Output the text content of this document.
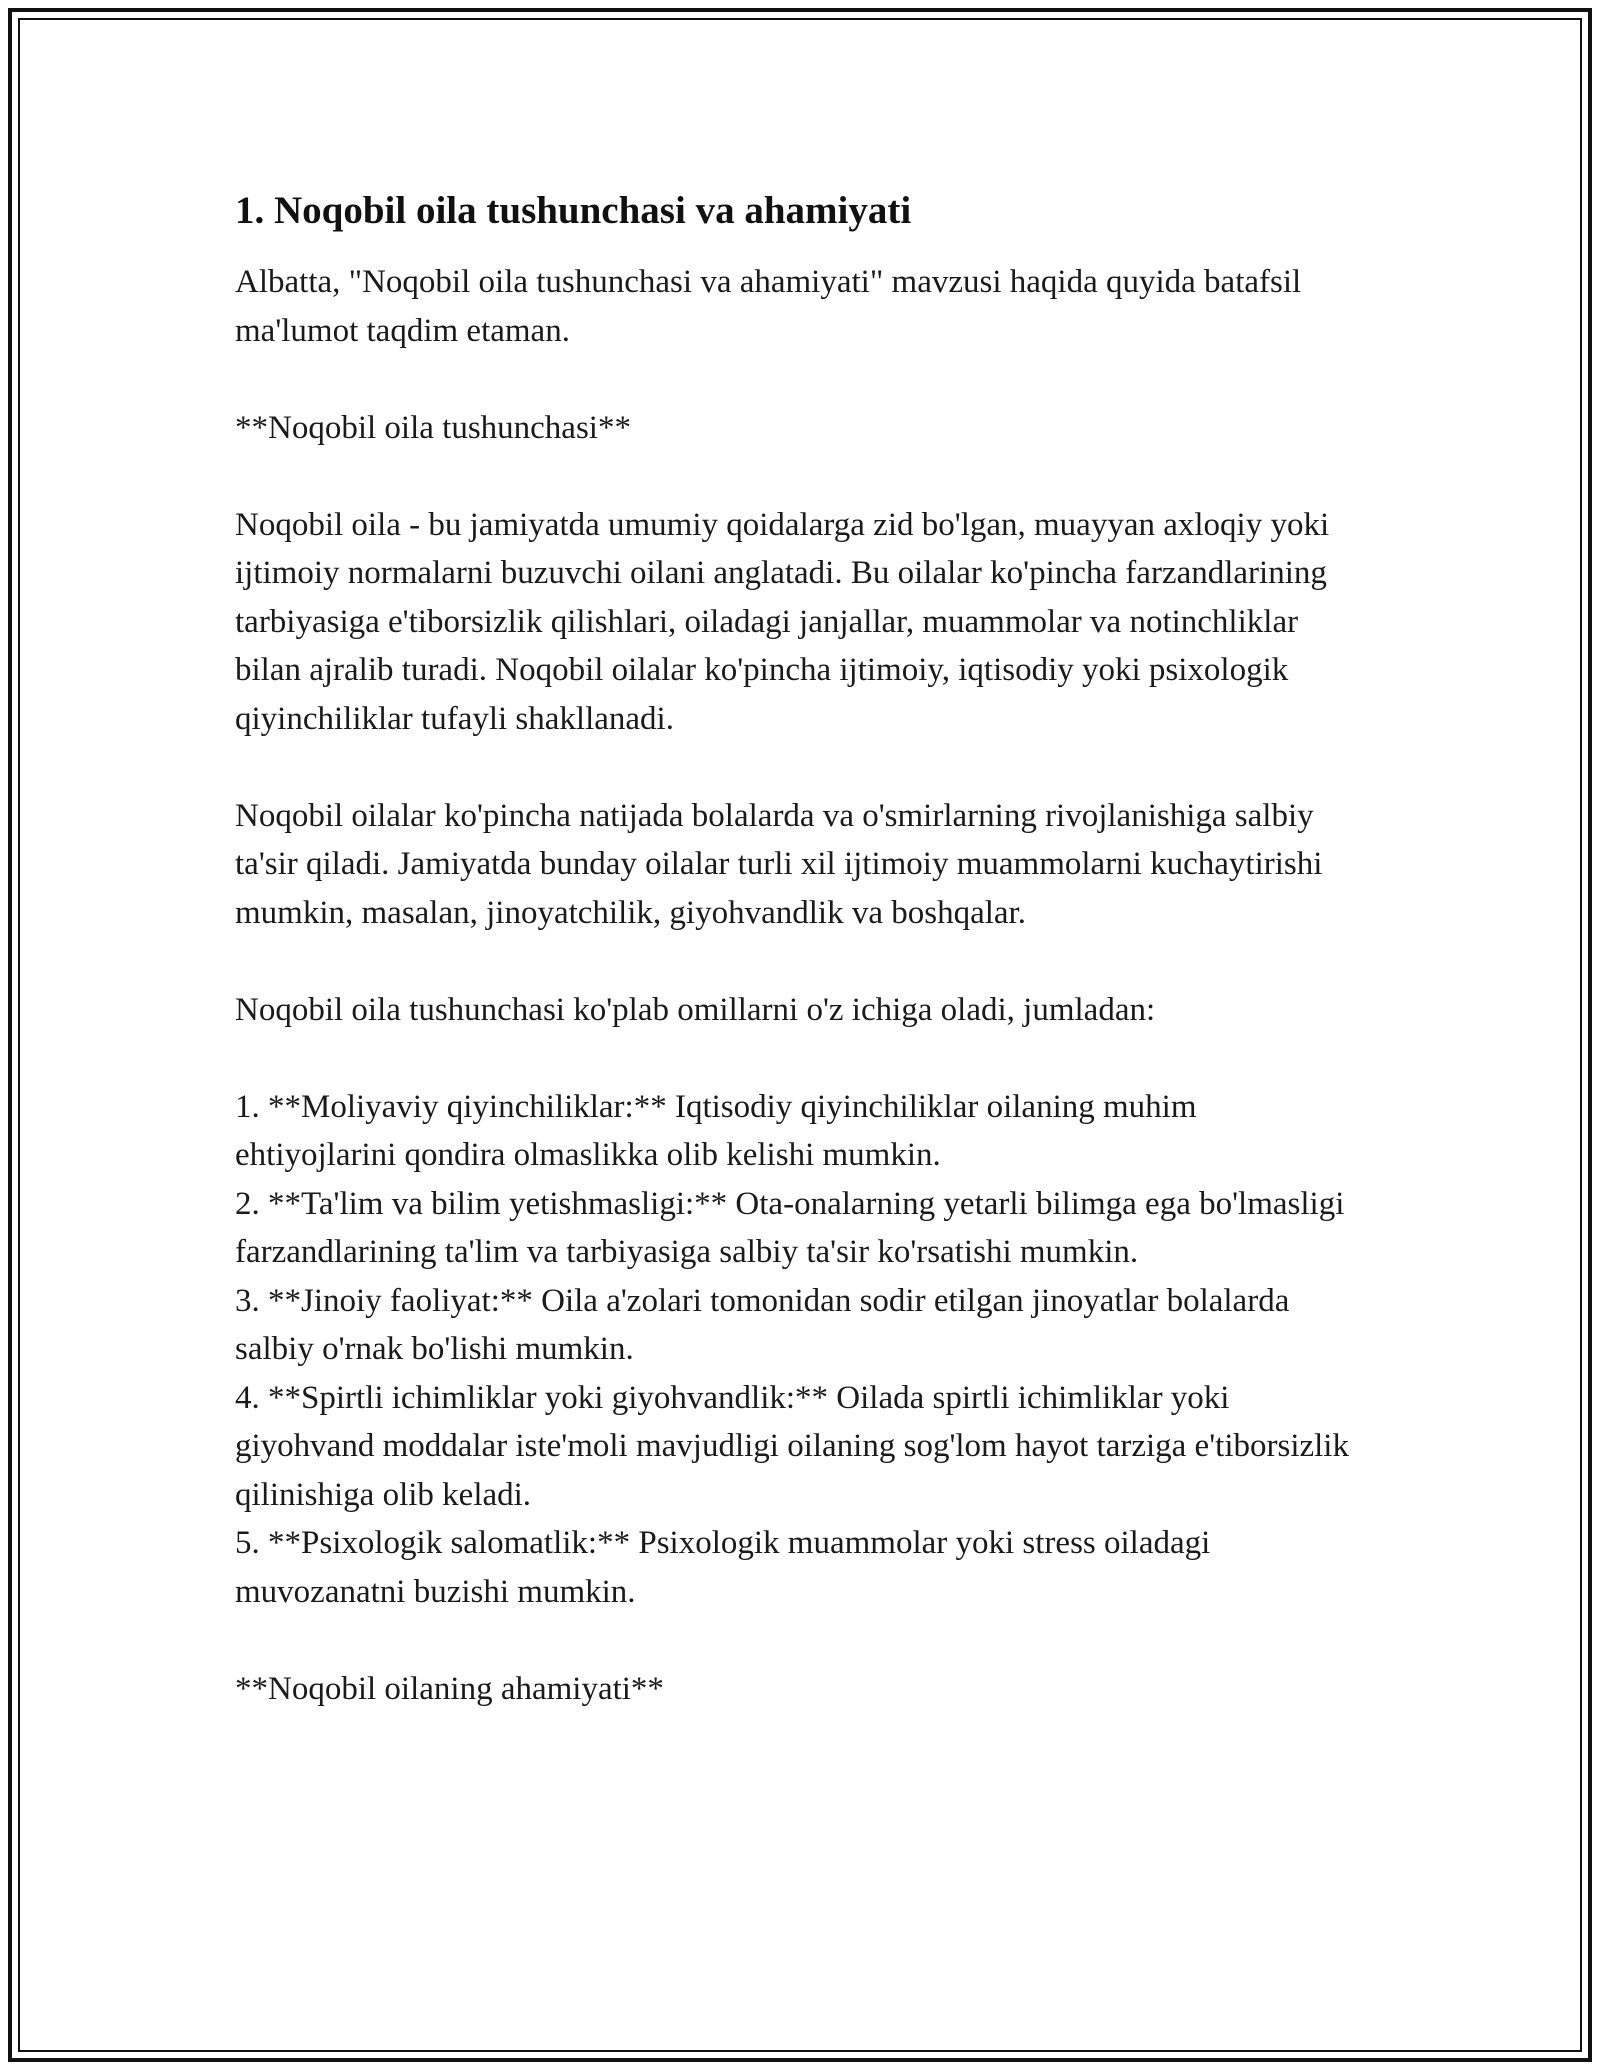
1. Noqobil oila tushunchasi va ahamiyati

Albatta, "Noqobil oila tushunchasi va ahamiyati" mavzusi haqida quyida batafsil ma'lumot taqdim etaman.

**Noqobil oila tushunchasi**

Noqobil oila - bu jamiyatda umumiy qoidalarga zid bo'lgan, muayyan axloqiy yoki ijtimoiy normalarni buzuvchi oilani anglatadi. Bu oilalar ko'pincha farzandlarining tarbiyasiga e'tiborsizlik qilishlari, oiladagi janjallar, muammolar va notinchliklar bilan ajralib turadi. Noqobil oilalar ko'pincha ijtimoiy, iqtisodiy yoki psixologik qiyinchiliklar tufayli shakllanadi.

Noqobil oilalar ko'pincha natijada bolalarda va o'smirlarning rivojlanishiga salbiy ta'sir qiladi. Jamiyatda bunday oilalar turli xil ijtimoiy muammolarni kuchaytirishi mumkin, masalan, jinoyatchilik, giyohvandlik va boshqalar.

Noqobil oila tushunchasi ko'plab omillarni o'z ichiga oladi, jumladan:

1. **Moliyaviy qiyinchiliklar:** Iqtisodiy qiyinchiliklar oilaning muhim ehtiyojlarini qondira olmaslikka olib kelishi mumkin.
2. **Ta'lim va bilim yetishmasligi:** Ota-onalarning yetarli bilimga ega bo'lmasligi farzandlarining ta'lim va tarbiyasiga salbiy ta'sir ko'rsatishi mumkin.
3. **Jinoiy faoliyat:** Oila a'zolari tomonidan sodir etilgan jinoyatlar bolalarda salbiy o'rnak bo'lishi mumkin.
4. **Spirtli ichimliklar yoki giyohvandlik:** Oilada spirtli ichimliklar yoki giyohvand moddalar iste'moli mavjudligi oilaning sog'lom hayot tarziga e'tiborsizlik qilinishiga olib keladi.
5. **Psixologik salomatlik:** Psixologik muammolar yoki stress oiladagi muvozanatni buzishi mumkin.

**Noqobil oilaning ahamiyati**
